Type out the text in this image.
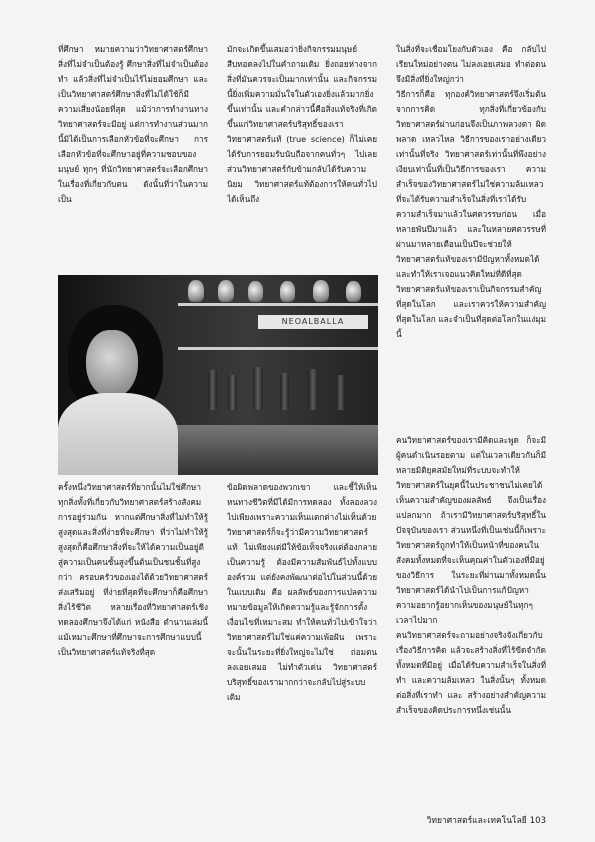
ที่ศึกษา หมายความว่าวิทยาศาสตร์ศึกษาสิ่งที่ไม่จำเป็นต้องรู้ ศึกษาสิ่งที่ไม่จำเป็นต้องทำ แล้วสิ่งที่ไม่จำเป็นไร้ไม่ยอมศึกษา และเป็นวิทยาศาสตร์ศึกษาสิ่งที่ไม่ได้ใช้ก็มีความเสี่ยงน้อยที่สุด แม้ว่าการทำงานทางวิทยาศาสตร์จะมีอยู่ แต่การทำงานส่วนมากนี้มิได้เป็นการเลือกหัวข้อที่จะศึกษา การเลือกหัวข้อที่จะศึกษาอยู่ที่ความชอบของมนุษย์ ทุกๆ ที่นักวิทยาศาสตร์จะเลือกศึกษา ในเรื่องที่เกี่ยวกับตน ดังนั้นที่ว่าในความเป็น
มักจะเกิดขึ้นเสมอว่ายิ่งกิจกรรมมนุษย์สืบทอดลงไปในคำถามเดิม ยิ่งถอยห่างจากสิ่งที่มันควรจะเป็นมากเท่านั้น และกิจกรรมนี้ยิ่งเพิ่มความมั่นใจในตัวเองยิ่งแล้วมากยิ่งขึ้นเท่านั้น และคำกล่าวนี้คือสิ่งแท้จริงที่เกิดขึ้นแก่วิทยาศาสตร์บริสุทธิ์ของเรา วิทยาศาสตร์แท้ (true science) ก็ไม่เคยได้รับการยอมรับนับถือจากคนทั่วๆ ไปเลย ส่วนวิทยาศาสตร์กับข้ามกลับได้รับความนิยม วิทยาศาสตร์แท้ต้องการให้คนทั่วไปได้เห็นถึง
ในสิ่งที่จะเชื่อมโยงกับตัวเอง คือ กลับไปเรียนใหม่อย่างตน ไม่ลงเอยเสมอ ทำต่อตน จึงมีสิ่งที่ยิ่งใหญ่กว่า
วิธีการก็คือ ทุกองค์วิทยาศาสตร์จึงเริ่มต้นจากการคิด ทุกสิ่งที่เกี่ยวข้องกับวิทยาศาสตร์ผ่านก่อนจึงเป็นภาพลวงตา ผิดพลาด เหลวไหล วิธีการของเราอย่างเดียวเท่านั้นที่จริง วิทยาศาสตร์เท่านั้นที่พึงอย่างเงียบเท่านั้นที่เป็นวิธีการของเรา ความสำเร็จของวิทยาศาสตร์ไม่ใช่ความล้มเหลวที่จะได้รับความสำเร็จในสิ่งที่เราได้รับความสำเร็จมาแล้วในศตวรรษก่อน เมื่อหลายพันปีมาแล้ว และในหลายศตวรรษที่ผ่านมาหลายเดือนเป็นปีจะช่วยให้วิทยาศาสตร์แท้ของเรามีปัญหาทั้งหมดได้ และทำให้เราเจอแนวคิดใหม่ที่ดีที่สุด วิทยาศาสตร์แท้ของเราเป็นกิจกรรมสำคัญที่สุดในโลก และเราควรให้ความสำคัญที่สุดในโลก และจำเป็นที่สุดต่อโลกในแง่มุมนี้
NEOALBALLA
ครั้งหนึ่งวิทยาศาสตร์ที่ยากนั้นไม่ใช่ศึกษาทุกสิ่งทั้งที่เกี่ยวกับวิทยาศาสตร์สร้างสังคมการอยู่ร่วมกัน หากแต่ศึกษาสิ่งที่ไม่ทำให้รู้สูงสุดและสิ่งที่ง่ายที่จะศึกษา ที่ว่าไม่ทำให้รู้สูงสุดก็คือศึกษาสิ่งที่จะให้ได้ความเป็นอยู่ดี สู่ความเป็นคนชั้นสูงขึ้นต้นเป็นชนชั้นที่สูงกว่า ครอบครัวของเองได้ด้วยวิทยาศาสตร์ส่งเสริมอยู่ ที่ง่ายที่สุดที่จะศึกษาก็คือศึกษาสิ่งไร้ชีวิต หลายเรื่องที่วิทยาศาสตร์เชิงทดลองศึกษาจึงได้แก่ หนังสือ ตำนานเล่มนี้ แม้เหมาะศึกษาที่ศึกษาจะการศึกษาแบบนี้เป็นวิทยาศาสตร์แท้จริงที่สุด
ข้อผิดพลาดของพวกเขา และชี้ให้เห็นหนทางชีวิตที่มีได้มีการทดลอง ทั้งลองลวงไปเพียงเพราะความเห็นแตกต่างไม่เห็นด้วย วิทยาศาสตร์ก็จะรู้ว่ามีความวิทยาศาสตร์แท้ ไม่เพียงแต่มีให้ข้อเท็จจริงแต่ต้องกลายเป็นความรู้ ต้องมีความสัมพันธ์ไปทั้งแบบองค์รวม แต่ยังคงพัฒนาต่อไปในส่วนนี้ด้วยในแบบเดิม คือ ผลลัพธ์ของการแปลความหมายข้อมูลให้เกิดความรู้และรู้จักการตั้งเงื่อนไขที่เหมาะสม ทำให้คนทั่วไปเข้าใจว่าวิทยาศาสตร์ไม่ใช่แค่ความเพ้อฝัน เพราะจะนั้นในระยะที่ยิ่งใหญ่จะไม่ใช่ ถ่อมตน ลงเอยเสมอ ไม่ทำตัวเด่น วิทยาศาสตร์บริสุทธิ์ของเรามากกว่าจะกลับไปสู่ระบบเดิม
คนวิทยาศาสตร์ของเรามีคิดและพูด ก็จะมีผู้คนดำเนินรอยตาม แต่ในเวลาเดียวกันก็มีหลายมิติยุคสมัยใหม่ที่ระบบจะทำให้วิทยาศาสตร์ในยุคนี้ในประชาชนไม่เคยได้เห็นความสำคัญของผลลัพธ์ จึงเป็นเรื่องแปลกมาก ถ้าเรามีวิทยาศาสตร์บริสุทธิ์ในปัจจุบันของเรา ส่วนหนึ่งที่เป็นเช่นนี้ก็เพราะวิทยาศาสตร์ถูกทำให้เป็นหน้าที่ของคนในสังคมทั้งหมดที่จะเห็นคุณค่าในตัวเองที่มีอยู่ของวิธีการ ในระยะที่ผ่านมาทั้งหมดนั้นวิทยาศาสตร์ได้นำไปเป็นการแก้ปัญหาความอยากรู้อยากเห็นของมนุษย์ในทุกๆ เวลาไปมาก
คนวิทยาศาสตร์จะถามอย่างจริงจังเกี่ยวกับเรื่องวิธีการคิด แล้วจะสร้างสิ่งที่ไร้ขีดจำกัดทั้งหมดที่มีอยู่ เมื่อได้รับความสำเร็จในสิ่งที่ทำ และความล้มเหลว ในสิ่งนั้นๆ ทั้งหมดต่อสิ่งที่เราทำ และ สร้างอย่างสำคัญความสำเร็จของคิดประการหนึ่งเช่นนั้น
วิทยาศาสตร์และเทคโนโลยี 103
